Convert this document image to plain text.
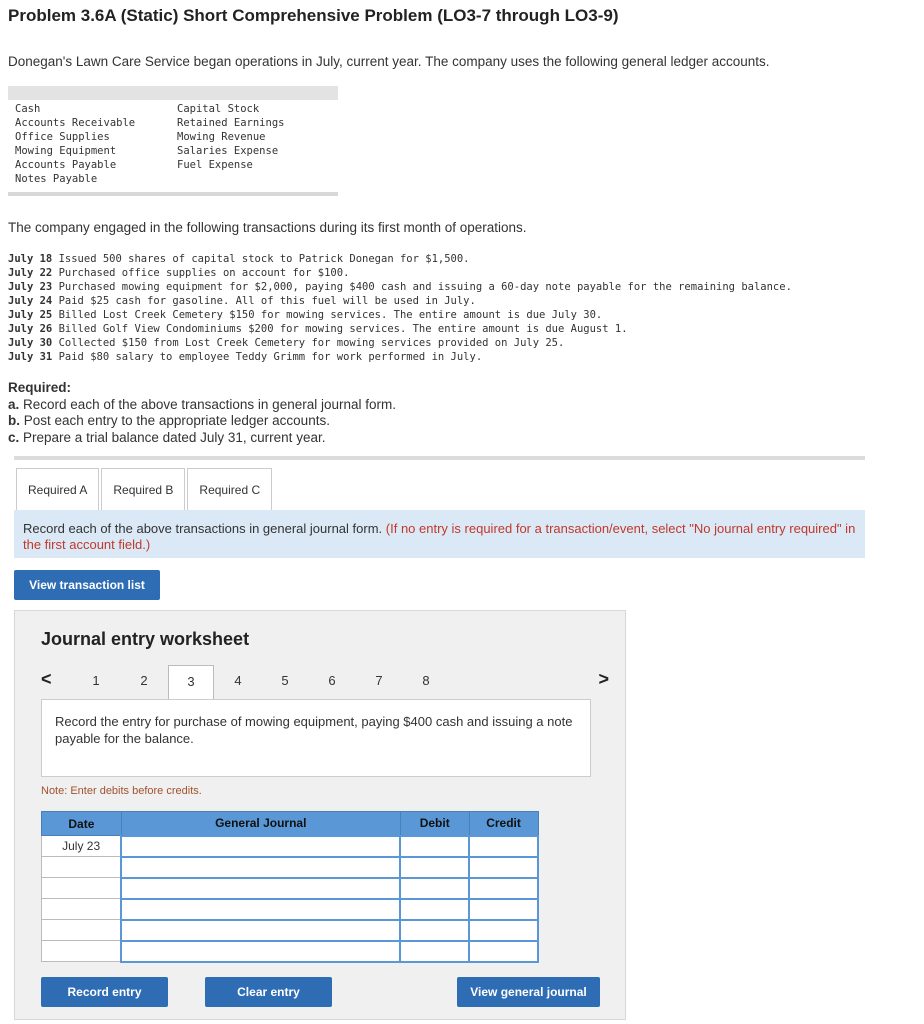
Problem 3.6A (Static) Short Comprehensive Problem (LO3-7 through LO3-9)
Donegan's Lawn Care Service began operations in July, current year. The company uses the following general ledger accounts.
Cash
Accounts Receivable
Office Supplies
Mowing Equipment
Accounts Payable
Notes Payable
Capital Stock
Retained Earnings
Mowing Revenue
Salaries Expense
Fuel Expense
The company engaged in the following transactions during its first month of operations.
July 18 Issued 500 shares of capital stock to Patrick Donegan for $1,500.
July 22 Purchased office supplies on account for $100.
July 23 Purchased mowing equipment for $2,000, paying $400 cash and issuing a 60-day note payable for the remaining balance.
July 24 Paid $25 cash for gasoline. All of this fuel will be used in July.
July 25 Billed Lost Creek Cemetery $150 for mowing services. The entire amount is due July 30.
July 26 Billed Golf View Condominiums $200 for mowing services. The entire amount is due August 1.
July 30 Collected $150 from Lost Creek Cemetery for mowing services provided on July 25.
July 31 Paid $80 salary to employee Teddy Grimm for work performed in July.
Required:
a. Record each of the above transactions in general journal form.
b. Post each entry to the appropriate ledger accounts.
c. Prepare a trial balance dated July 31, current year.
Required A	Required B	Required C
Record each of the above transactions in general journal form. (If no entry is required for a transaction/event, select "No journal entry required" in the first account field.)
View transaction list
Journal entry worksheet
<	1	2	3	4	5	6	7	8	>
Record the entry for purchase of mowing equipment, paying $400 cash and issuing a note payable for the balance.
Note: Enter debits before credits.
Date	General Journal	Debit	Credit
July 23			

Record entry	Clear entry	View general journal
